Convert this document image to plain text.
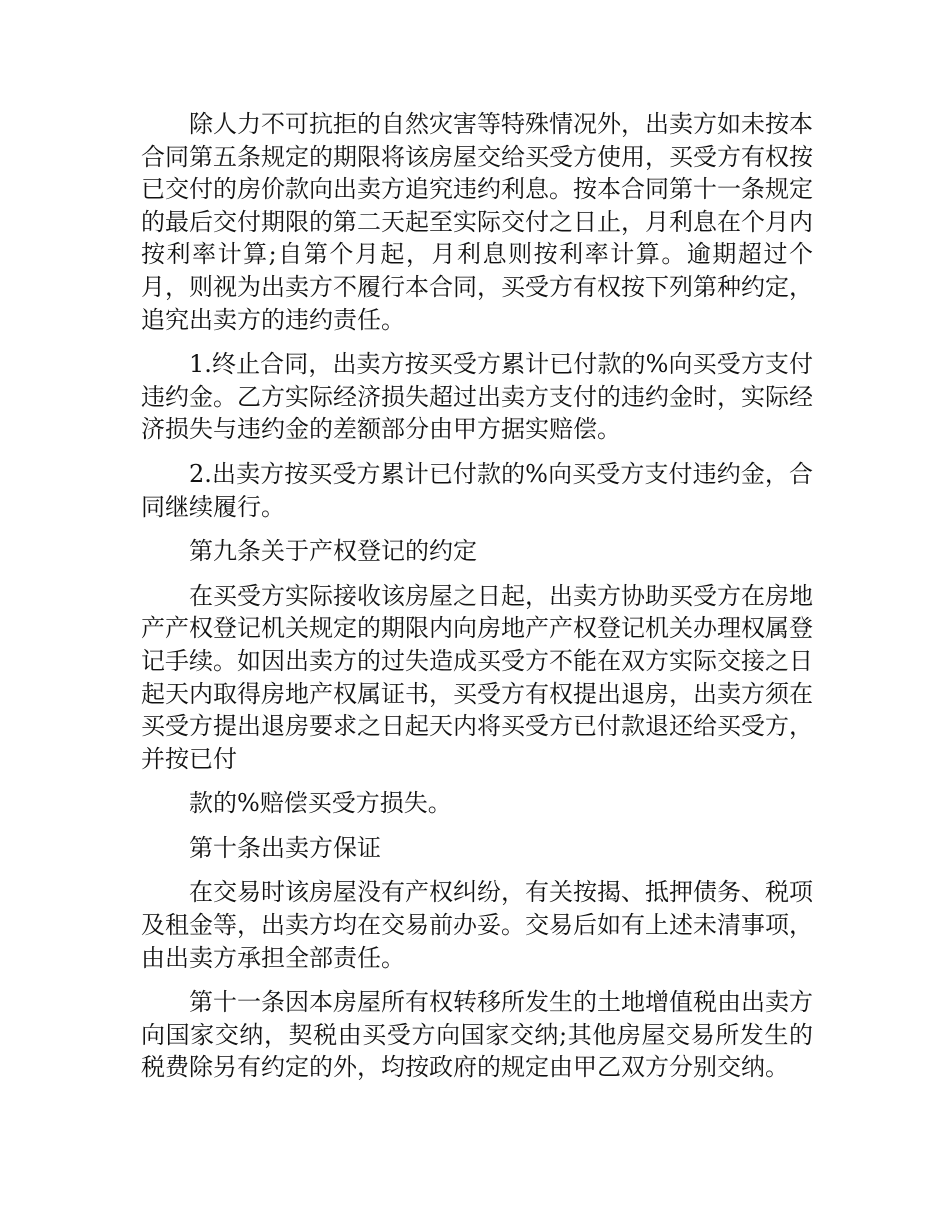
除人力不可抗拒的自然灾害等特殊情况外，出卖方如未按本合同第五条规定的期限将该房屋交给买受方使用，买受方有权按已交付的房价款向出卖方追究违约利息。按本合同第十一条规定的最后交付期限的第二天起至实际交付之日止，月利息在个月内按利率计算;自第个月起，月利息则按利率计算。逾期超过个月，则视为出卖方不履行本合同，买受方有权按下列第种约定，追究出卖方的违约责任。

1.终止合同，出卖方按买受方累计已付款的%向买受方支付违约金。乙方实际经济损失超过出卖方支付的违约金时，实际经济损失与违约金的差额部分由甲方据实赔偿。

2.出卖方按买受方累计已付款的%向买受方支付违约金，合同继续履行。

第九条关于产权登记的约定

在买受方实际接收该房屋之日起，出卖方协助买受方在房地产产权登记机关规定的期限内向房地产产权登记机关办理权属登记手续。如因出卖方的过失造成买受方不能在双方实际交接之日起天内取得房地产权属证书，买受方有权提出退房，出卖方须在买受方提出退房要求之日起天内将买受方已付款退还给买受方，并按已付

款的%赔偿买受方损失。

第十条出卖方保证

在交易时该房屋没有产权纠纷，有关按揭、抵押债务、税项及租金等，出卖方均在交易前办妥。交易后如有上述未清事项，由出卖方承担全部责任。

第十一条因本房屋所有权转移所发生的土地增值税由出卖方向国家交纳，契税由买受方向国家交纳;其他房屋交易所发生的税费除另有约定的外，均按政府的规定由甲乙双方分别交纳。
